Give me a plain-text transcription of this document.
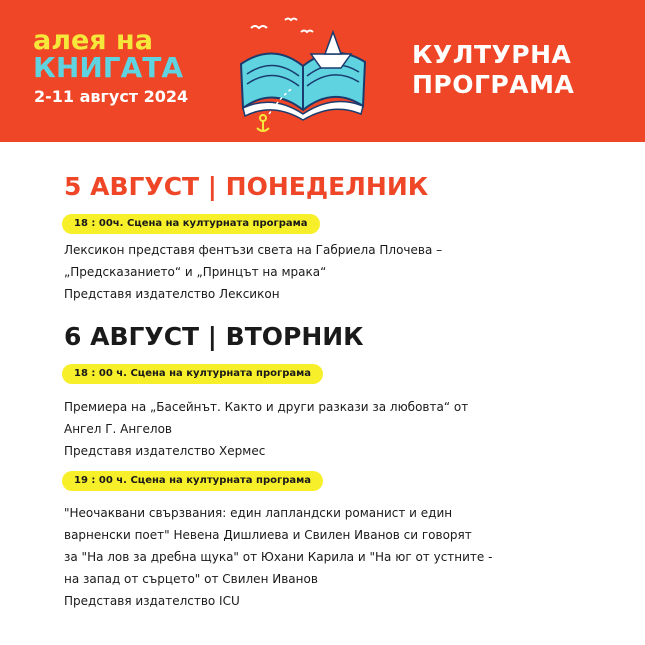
алея на
КНИГАТА
2-11 август 2024
КУЛТУРНА
ПРОГРАМА
5 АВГУСТ | ПОНЕДЕЛНИК
18 : 00ч. Сцена на културната програма
Лексикон представя фентъзи света на Габриела Плочева –
„Предсказанието“ и „Принцът на мрака“
Представя издателство Лексикон
6 АВГУСТ | ВТОРНИК
18 : 00 ч. Сцена на културната програма
Премиера на „Басейнът. Както и други разкази за любовта“ от
Ангел Г. Ангелов
Представя издателство Хермес
19 : 00 ч. Сцена на културната програма
"Неочаквани свързвания: един лапландски романист и един
варненски поет" Невена Дишлиева и Свилен Иванов си говорят
за "На лов за дребна щука" от Юхани Карила и "На юг от устните -
на запад от сърцето" от Свилен Иванов
Представя издателство ICU
